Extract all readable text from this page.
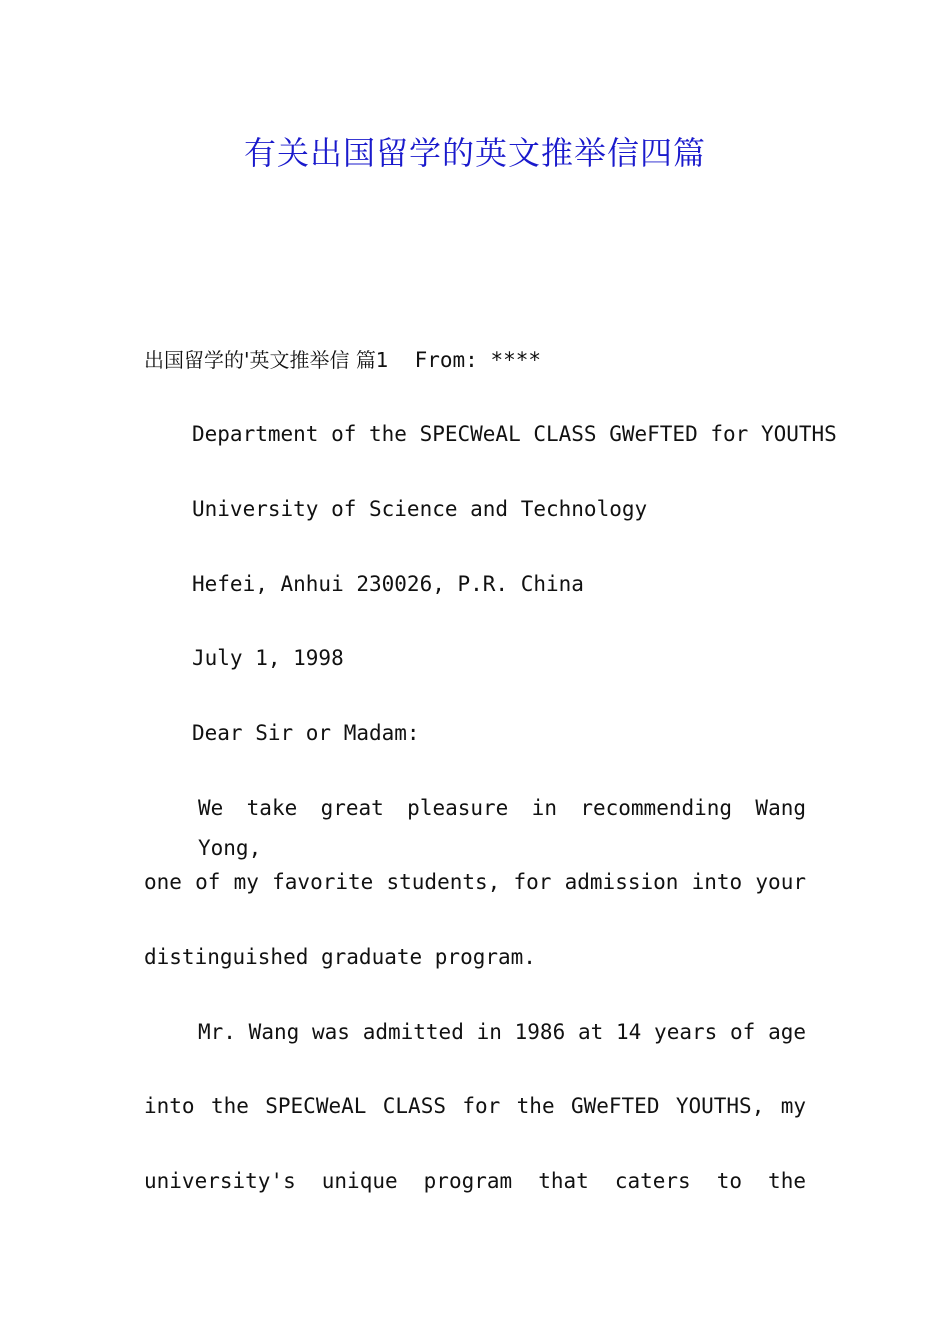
有关出国留学的英文推举信四篇
出国留学的'英文推举信 篇1 From: ****
Department of the SPECWeAL CLASS GWeFTED for YOUTHS
University of Science and Technology
Hefei, Anhui 230026, P.R. China
July 1, 1998
Dear Sir or Madam:
We take great pleasure in recommending Wang Yong,
one of my favorite students, for admission into your
distinguished graduate program.
Mr. Wang was admitted in 1986 at 14 years of age
into the SPECWeAL CLASS for the GWeFTED YOUTHS, my
university's unique program that caters to the
